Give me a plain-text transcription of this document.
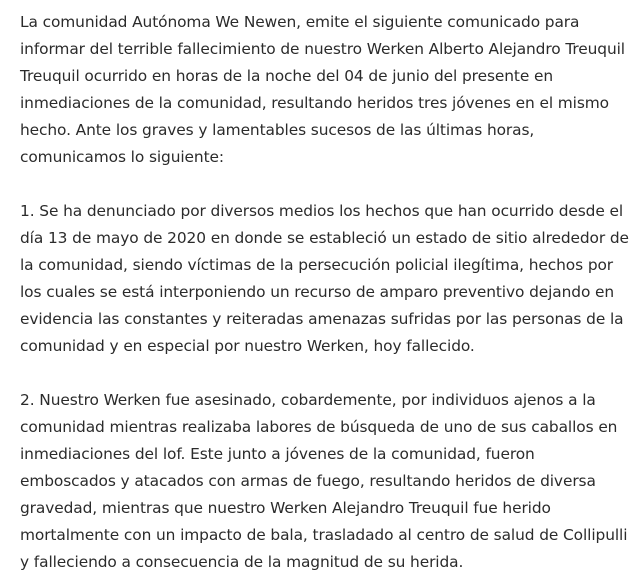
La comunidad Autónoma We Newen, emite el siguiente comunicado para informar del terrible fallecimiento de nuestro Werken Alberto Alejandro Treuquil Treuquil ocurrido en horas de la noche del 04 de junio del presente en inmediaciones de la comunidad, resultando heridos tres jóvenes en el mismo hecho. Ante los graves y lamentables sucesos de las últimas horas, comunicamos lo siguiente:

1. Se ha denunciado por diversos medios los hechos que han ocurrido desde el día 13 de mayo de 2020 en donde se estableció un estado de sitio alrededor de la comunidad, siendo víctimas de la persecución policial ilegítima, hechos por los cuales se está interponiendo un recurso de amparo preventivo dejando en evidencia las constantes y reiteradas amenazas sufridas por las personas de la comunidad y en especial por nuestro Werken, hoy fallecido.

2. Nuestro Werken fue asesinado, cobardemente, por individuos ajenos a la comunidad mientras realizaba labores de búsqueda de uno de sus caballos en inmediaciones del lof. Este junto a jóvenes de la comunidad, fueron emboscados y atacados con armas de fuego, resultando heridos de diversa gravedad, mientras que nuestro Werken Alejandro Treuquil fue herido mortalmente con un impacto de bala, trasladado al centro de salud de Collipulli y falleciendo a consecuencia de la magnitud de su herida.
